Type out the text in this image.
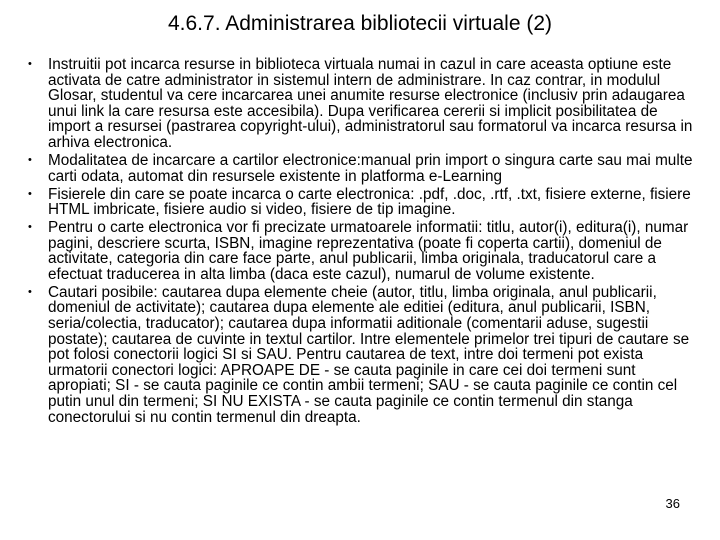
4.6.7. Administrarea bibliotecii virtuale (2)
• Instruitii pot incarca resurse in biblioteca virtuala numai in cazul in care aceasta optiune este activata de catre administrator in sistemul intern de administrare. In caz contrar, in modulul Glosar, studentul va cere incarcarea unei anumite resurse electronice (inclusiv prin adaugarea unui link la care resursa este accesibila). Dupa verificarea cererii si implicit posibilitatea de import a resursei (pastrarea copyright-ului), administratorul sau formatorul va incarca resursa in arhiva electronica.
• Modalitatea de incarcare a cartilor electronice:manual prin import o singura carte sau mai multe carti odata, automat din resursele existente in platforma e-Learning
• Fisierele din care se poate incarca o carte electronica: .pdf, .doc, .rtf, .txt, fisiere externe, fisiere HTML imbricate, fisiere audio si video, fisiere de tip imagine.
• Pentru o carte electronica vor fi precizate urmatoarele informatii: titlu, autor(i), editura(i), numar pagini, descriere scurta, ISBN, imagine reprezentativa (poate fi coperta cartii), domeniul de activitate, categoria din care face parte, anul publicarii, limba originala, traducatorul care a efectuat traducerea in alta limba (daca este cazul), numarul de volume existente.
• Cautari posibile: cautarea dupa elemente cheie (autor, titlu, limba originala, anul publicarii, domeniul de activitate); cautarea dupa elemente ale editiei (editura, anul publicarii, ISBN, seria/colectia, traducator); cautarea dupa informatii aditionale (comentarii aduse, sugestii postate); cautarea de cuvinte in textul cartilor. Intre elementele primelor trei tipuri de cautare se pot folosi conectorii logici SI si SAU. Pentru cautarea de text, intre doi termeni pot exista urmatorii conectori logici: APROAPE DE - se cauta paginile in care cei doi termeni sunt apropiati; SI - se cauta paginile ce contin ambii termeni; SAU - se cauta paginile ce contin cel putin unul din termeni; SI NU EXISTA - se cauta paginile ce contin termenul din stanga conectorului si nu contin termenul din dreapta.
36
